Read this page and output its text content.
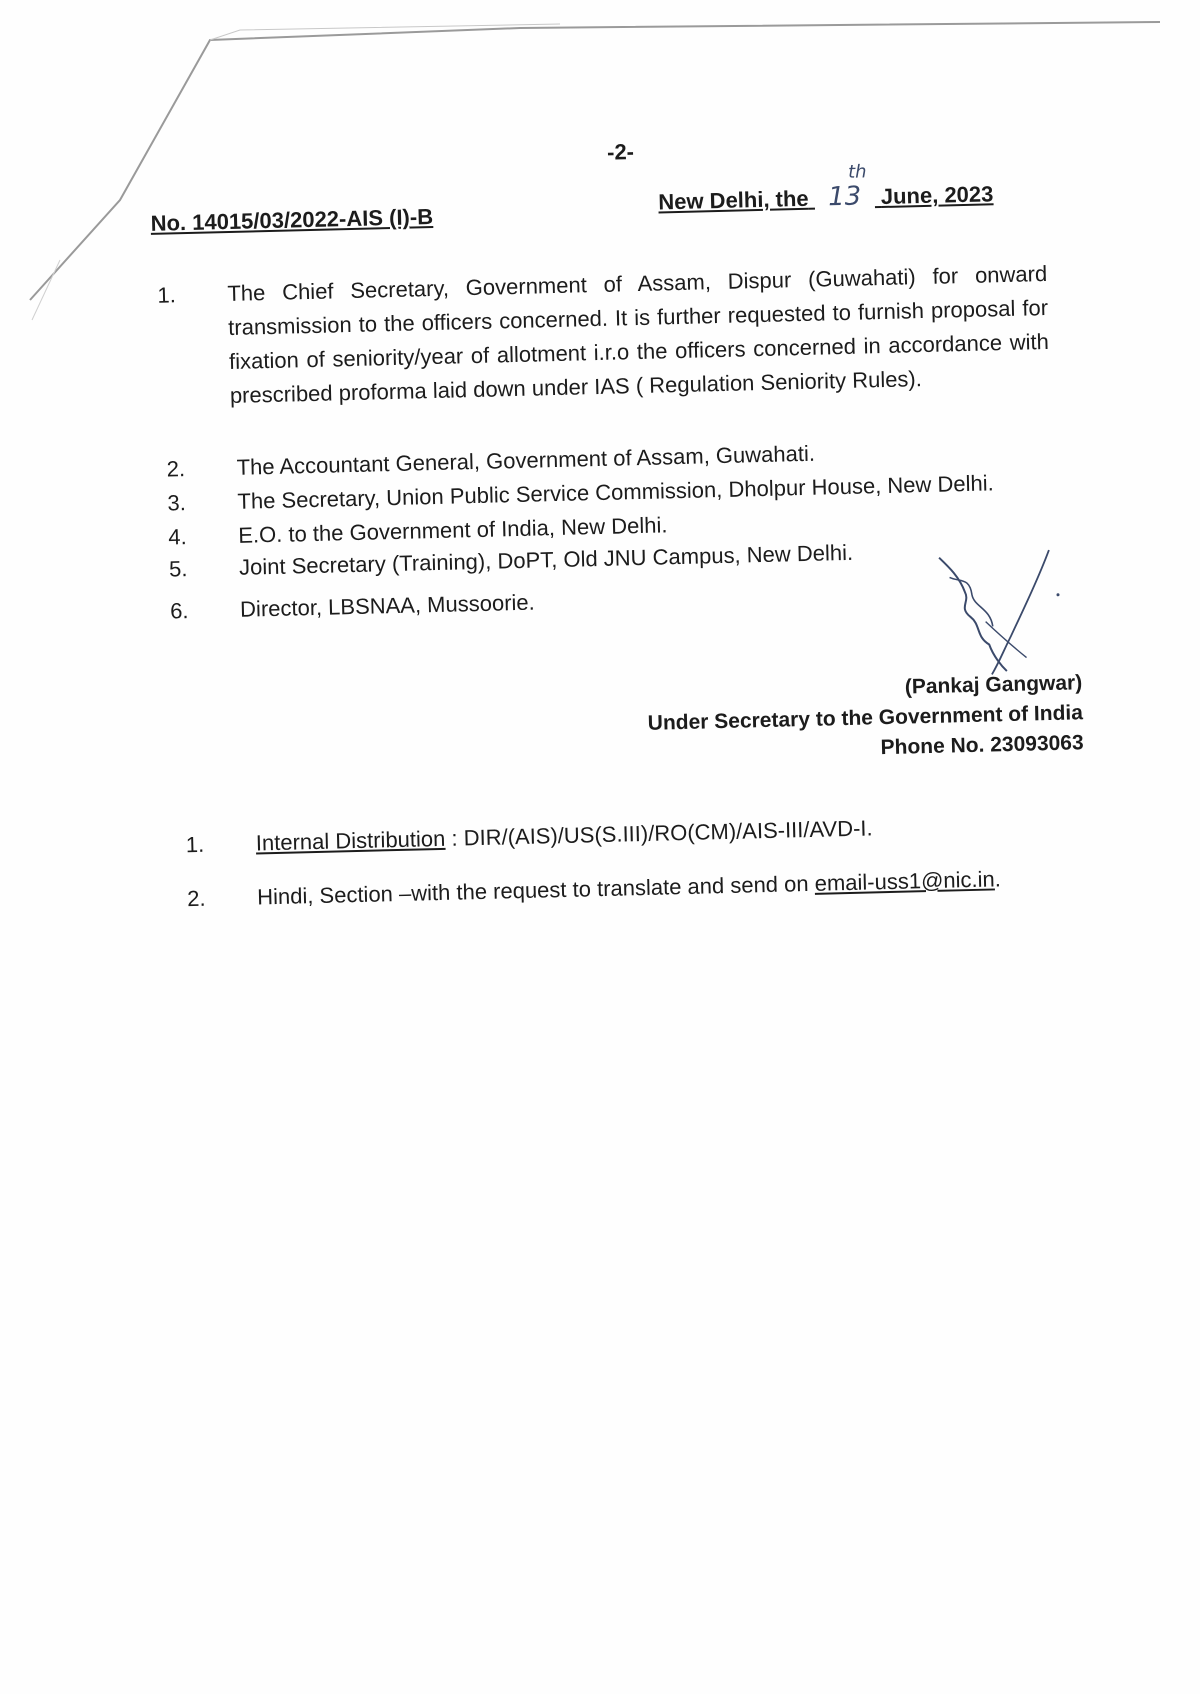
-2-
No. 14015/03/2022-AIS (I)-B
New Delhi, the 13
th
June, 2023
1.	The Chief Secretary, Government of Assam, Dispur (Guwahati) for onward transmission to the officers concerned. It is further requested to furnish proposal for fixation of seniority/year of allotment i.r.o the officers concerned in accordance with prescribed proforma laid down under IAS ( Regulation Seniority Rules).
2.	The Accountant General, Government of Assam, Guwahati.
3.	The Secretary, Union Public Service Commission, Dholpur House, New Delhi.
4.	E.O. to the Government of India, New Delhi.
5.	Joint Secretary (Training), DoPT, Old JNU Campus, New Delhi.
6.	Director, LBSNAA, Mussoorie.
(Pankaj Gangwar)
Under Secretary to the Government of India
Phone No. 23093063
1. Internal Distribution : DIR/(AIS)/US(S.III)/RO(CM)/AIS-III/AVD-I.
2. Hindi, Section –with the request to translate and send on email-uss1@nic.in.
